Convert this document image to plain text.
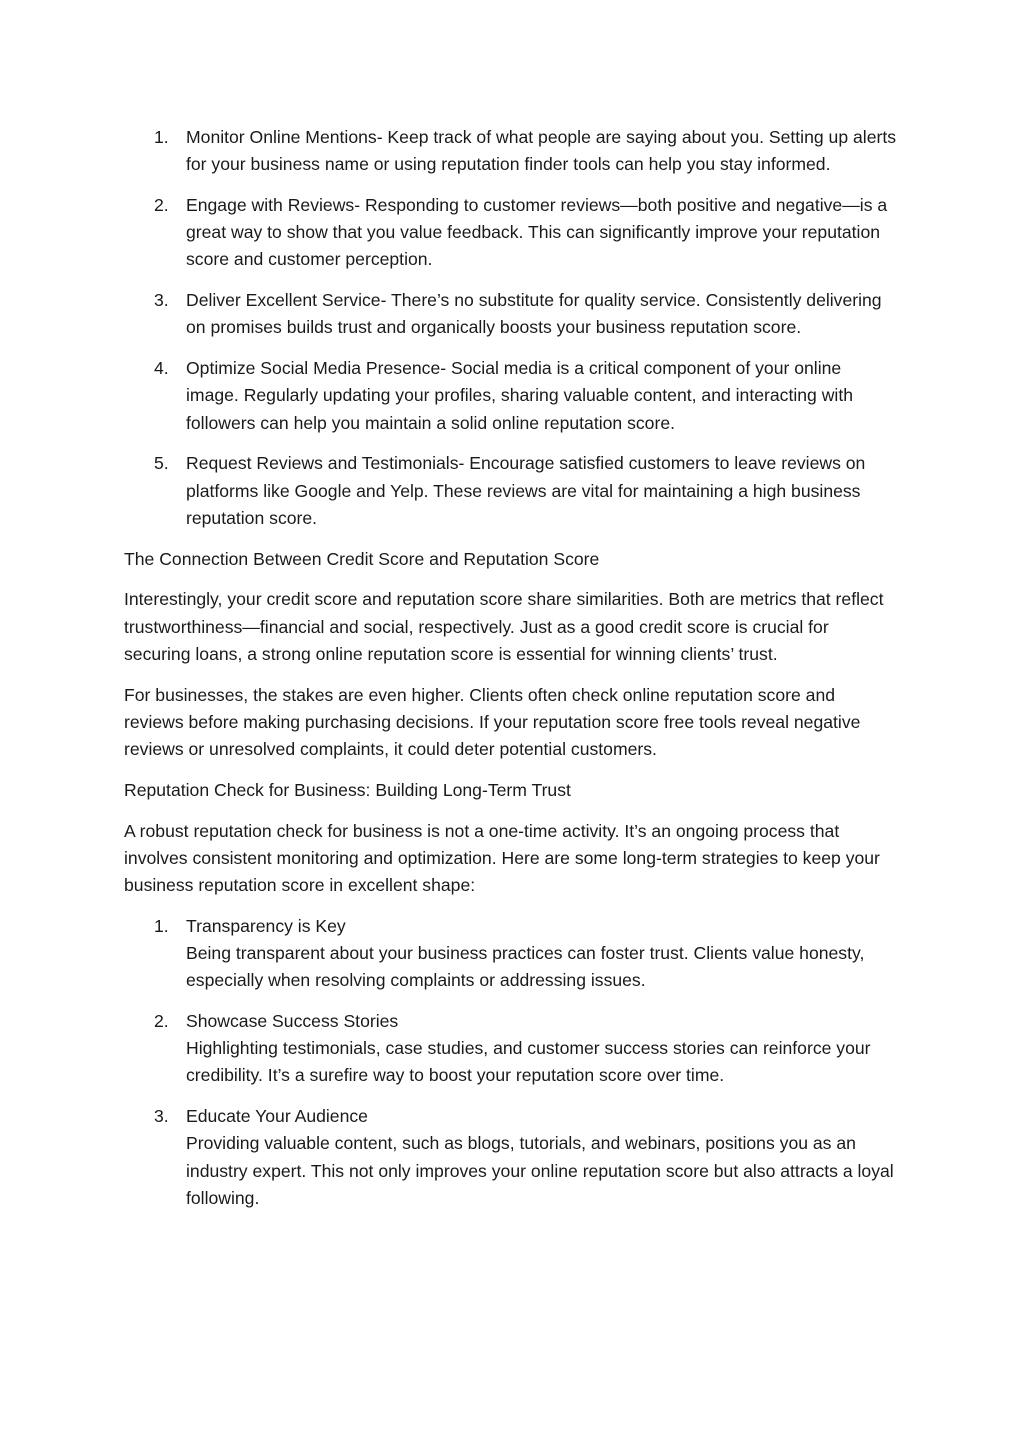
1. Monitor Online Mentions- Keep track of what people are saying about you. Setting up alerts for your business name or using reputation finder tools can help you stay informed.
2. Engage with Reviews- Responding to customer reviews—both positive and negative—is a great way to show that you value feedback. This can significantly improve your reputation score and customer perception.
3. Deliver Excellent Service- There’s no substitute for quality service. Consistently delivering on promises builds trust and organically boosts your business reputation score.
4. Optimize Social Media Presence- Social media is a critical component of your online image. Regularly updating your profiles, sharing valuable content, and interacting with followers can help you maintain a solid online reputation score.
5. Request Reviews and Testimonials- Encourage satisfied customers to leave reviews on platforms like Google and Yelp. These reviews are vital for maintaining a high business reputation score.

The Connection Between Credit Score and Reputation Score

Interestingly, your credit score and reputation score share similarities. Both are metrics that reflect trustworthiness—financial and social, respectively. Just as a good credit score is crucial for securing loans, a strong online reputation score is essential for winning clients’ trust.

For businesses, the stakes are even higher. Clients often check online reputation score and reviews before making purchasing decisions. If your reputation score free tools reveal negative reviews or unresolved complaints, it could deter potential customers.

Reputation Check for Business: Building Long-Term Trust

A robust reputation check for business is not a one-time activity. It’s an ongoing process that involves consistent monitoring and optimization. Here are some long-term strategies to keep your business reputation score in excellent shape:

1. Transparency is Key
Being transparent about your business practices can foster trust. Clients value honesty, especially when resolving complaints or addressing issues.
2. Showcase Success Stories
Highlighting testimonials, case studies, and customer success stories can reinforce your credibility. It’s a surefire way to boost your reputation score over time.
3. Educate Your Audience
Providing valuable content, such as blogs, tutorials, and webinars, positions you as an industry expert. This not only improves your online reputation score but also attracts a loyal following.
